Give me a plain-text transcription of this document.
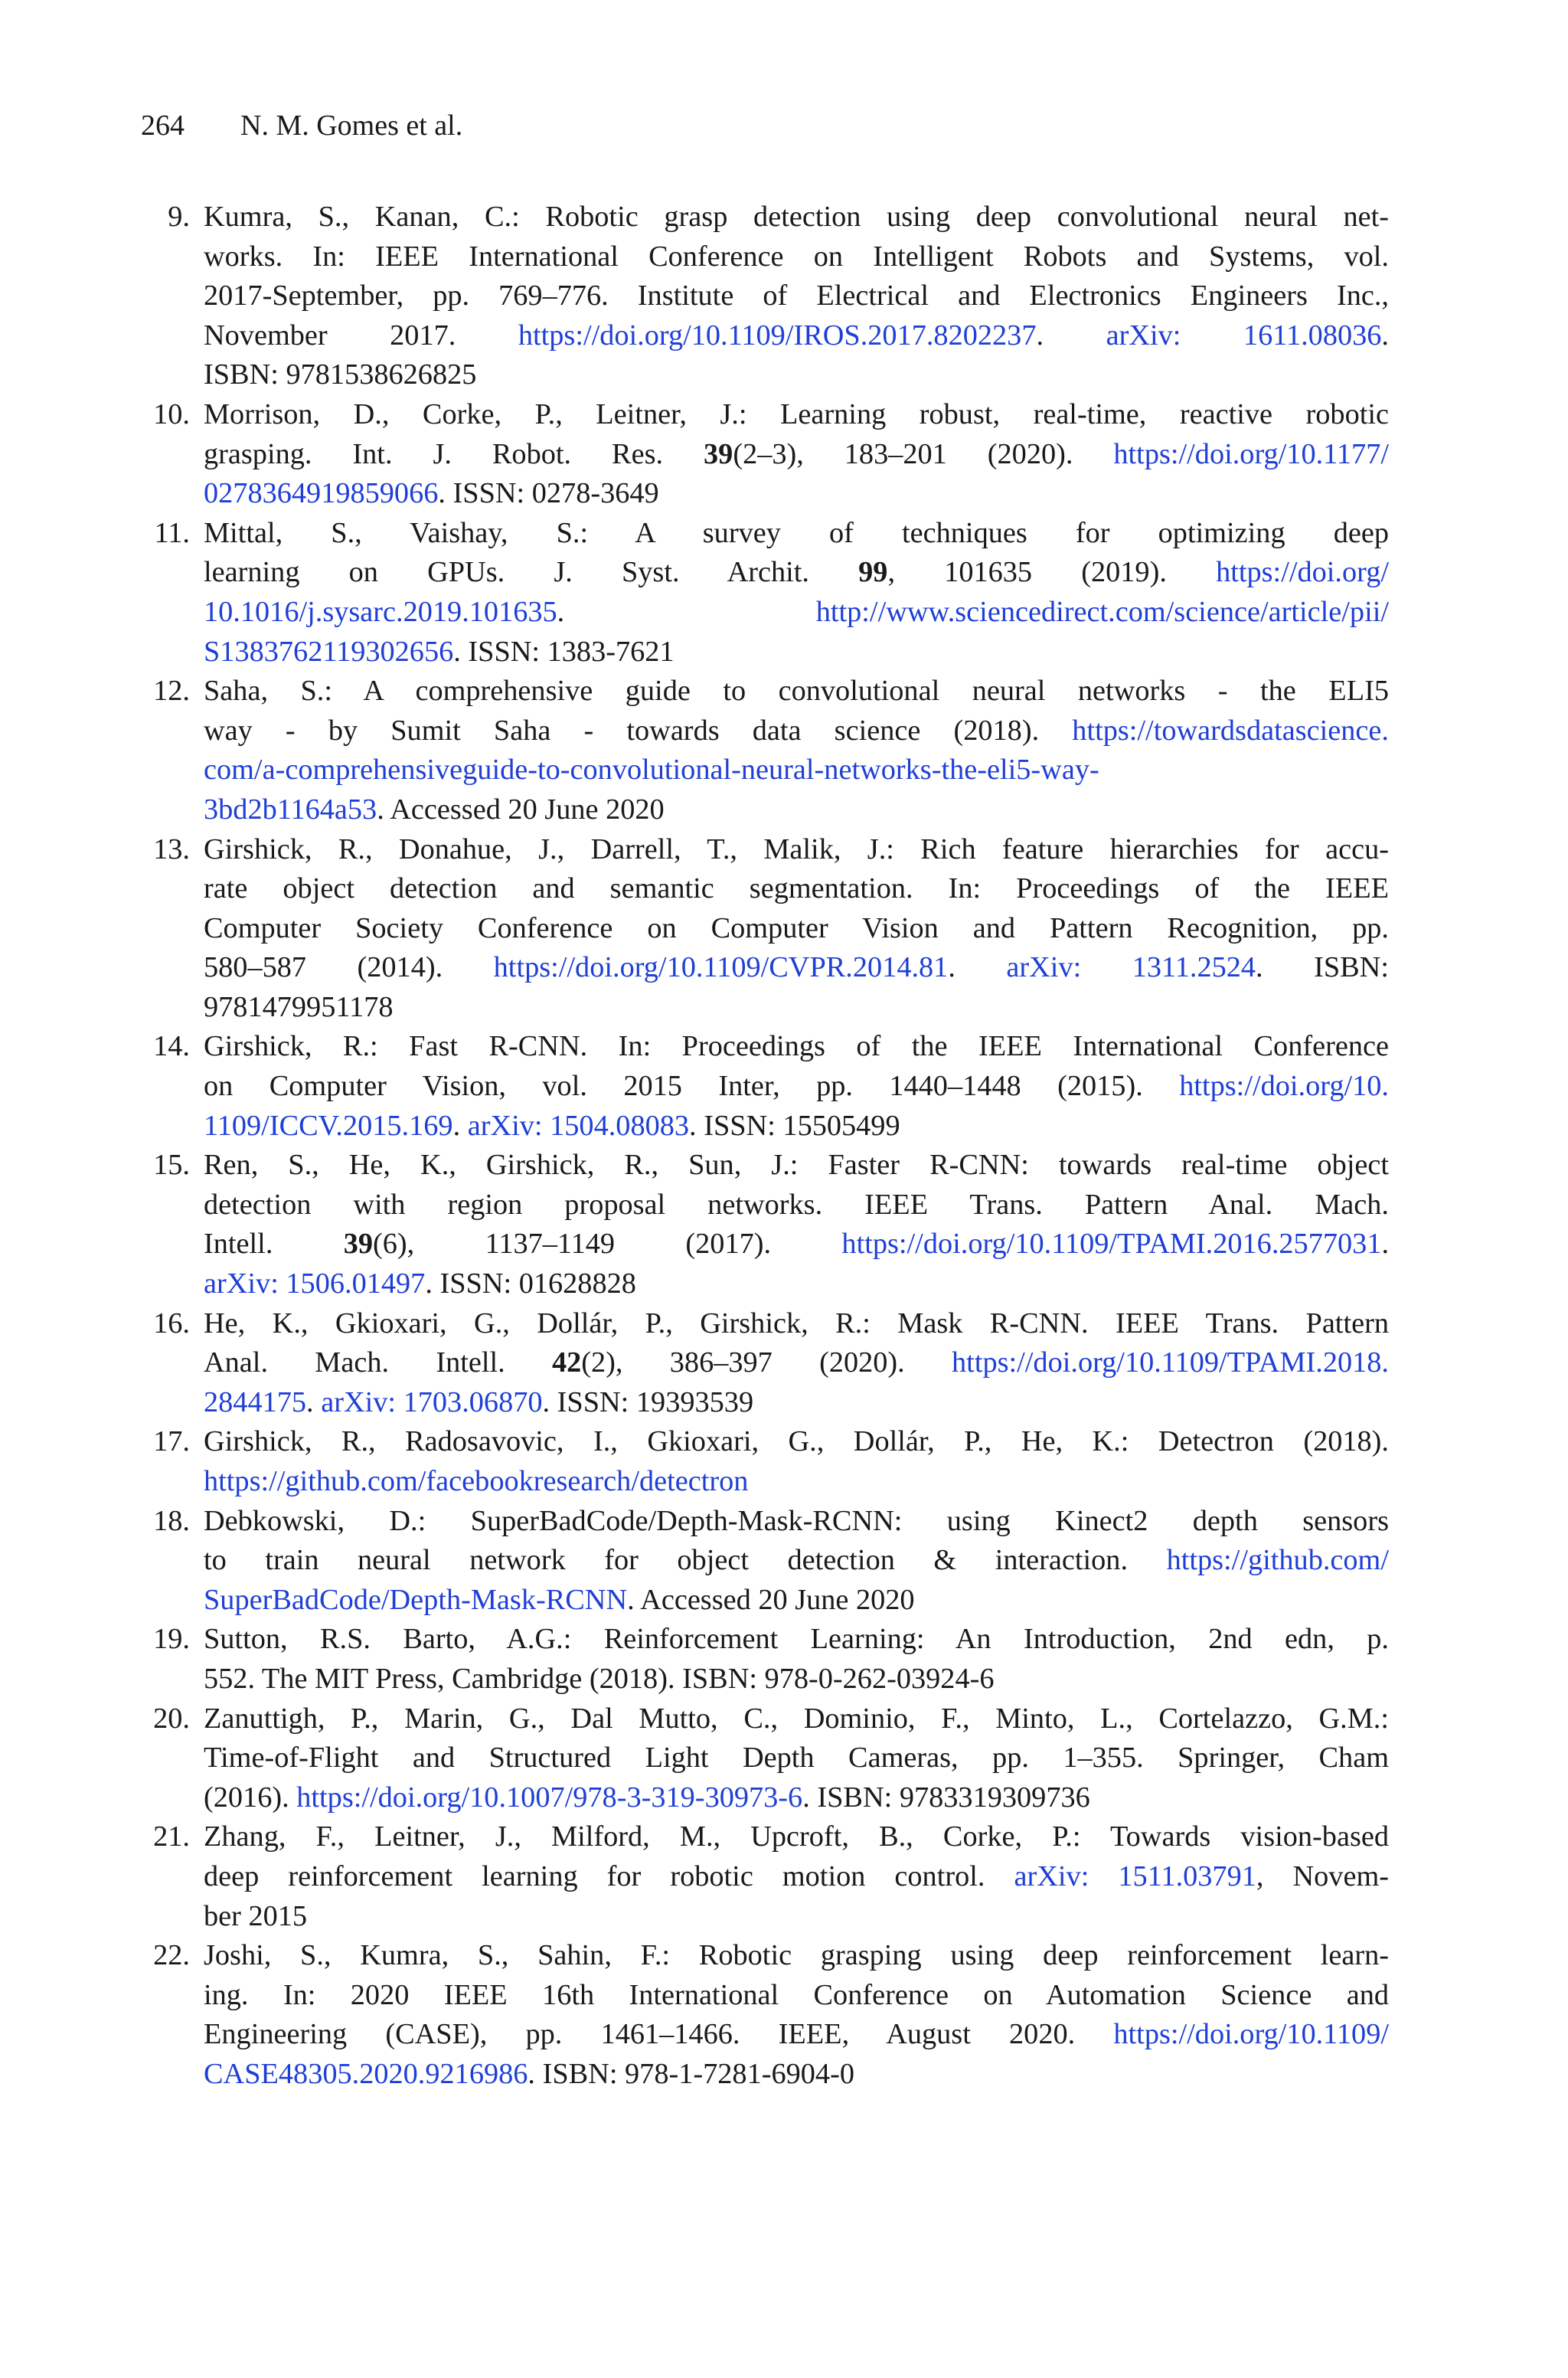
264 N. M. Gomes et al.
9. Kumra, S., Kanan, C.: Robotic grasp detection using deep convolutional neural net-
works. In: IEEE International Conference on Intelligent Robots and Systems, vol.
2017-September, pp. 769–776. Institute of Electrical and Electronics Engineers Inc.,
November 2017. https://doi.org/10.1109/IROS.2017.8202237. arXiv: 1611.08036.
ISBN: 9781538626825
10. Morrison, D., Corke, P., Leitner, J.: Learning robust, real-time, reactive robotic
grasping. Int. J. Robot. Res. 39(2–3), 183–201 (2020). https://doi.org/10.1177/
0278364919859066. ISSN: 0278-3649
11. Mittal, S., Vaishay, S.: A survey of techniques for optimizing deep
learning on GPUs. J. Syst. Archit. 99, 101635 (2019). https://doi.org/
10.1016/j.sysarc.2019.101635. http://www.sciencedirect.com/science/article/pii/
S1383762119302656. ISSN: 1383-7621
12. Saha, S.: A comprehensive guide to convolutional neural networks - the ELI5
way - by Sumit Saha - towards data science (2018). https://towardsdatascience.
com/a-comprehensiveguide-to-convolutional-neural-networks-the-eli5-way-
3bd2b1164a53. Accessed 20 June 2020
13. Girshick, R., Donahue, J., Darrell, T., Malik, J.: Rich feature hierarchies for accu-
rate object detection and semantic segmentation. In: Proceedings of the IEEE
Computer Society Conference on Computer Vision and Pattern Recognition, pp.
580–587 (2014). https://doi.org/10.1109/CVPR.2014.81. arXiv: 1311.2524. ISBN:
9781479951178
14. Girshick, R.: Fast R-CNN. In: Proceedings of the IEEE International Conference
on Computer Vision, vol. 2015 Inter, pp. 1440–1448 (2015). https://doi.org/10.
1109/ICCV.2015.169. arXiv: 1504.08083. ISSN: 15505499
15. Ren, S., He, K., Girshick, R., Sun, J.: Faster R-CNN: towards real-time object
detection with region proposal networks. IEEE Trans. Pattern Anal. Mach.
Intell. 39(6), 1137–1149 (2017). https://doi.org/10.1109/TPAMI.2016.2577031.
arXiv: 1506.01497. ISSN: 01628828
16. He, K., Gkioxari, G., Dollár, P., Girshick, R.: Mask R-CNN. IEEE Trans. Pattern
Anal. Mach. Intell. 42(2), 386–397 (2020). https://doi.org/10.1109/TPAMI.2018.
2844175. arXiv: 1703.06870. ISSN: 19393539
17. Girshick, R., Radosavovic, I., Gkioxari, G., Dollár, P., He, K.: Detectron (2018).
https://github.com/facebookresearch/detectron
18. Debkowski, D.: SuperBadCode/Depth-Mask-RCNN: using Kinect2 depth sensors
to train neural network for object detection & interaction. https://github.com/
SuperBadCode/Depth-Mask-RCNN. Accessed 20 June 2020
19. Sutton, R.S. Barto, A.G.: Reinforcement Learning: An Introduction, 2nd edn, p.
552. The MIT Press, Cambridge (2018). ISBN: 978-0-262-03924-6
20. Zanuttigh, P., Marin, G., Dal Mutto, C., Dominio, F., Minto, L., Cortelazzo, G.M.:
Time-of-Flight and Structured Light Depth Cameras, pp. 1–355. Springer, Cham
(2016). https://doi.org/10.1007/978-3-319-30973-6. ISBN: 9783319309736
21. Zhang, F., Leitner, J., Milford, M., Upcroft, B., Corke, P.: Towards vision-based
deep reinforcement learning for robotic motion control. arXiv: 1511.03791, Novem-
ber 2015
22. Joshi, S., Kumra, S., Sahin, F.: Robotic grasping using deep reinforcement learn-
ing. In: 2020 IEEE 16th International Conference on Automation Science and
Engineering (CASE), pp. 1461–1466. IEEE, August 2020. https://doi.org/10.1109/
CASE48305.2020.9216986. ISBN: 978-1-7281-6904-0
